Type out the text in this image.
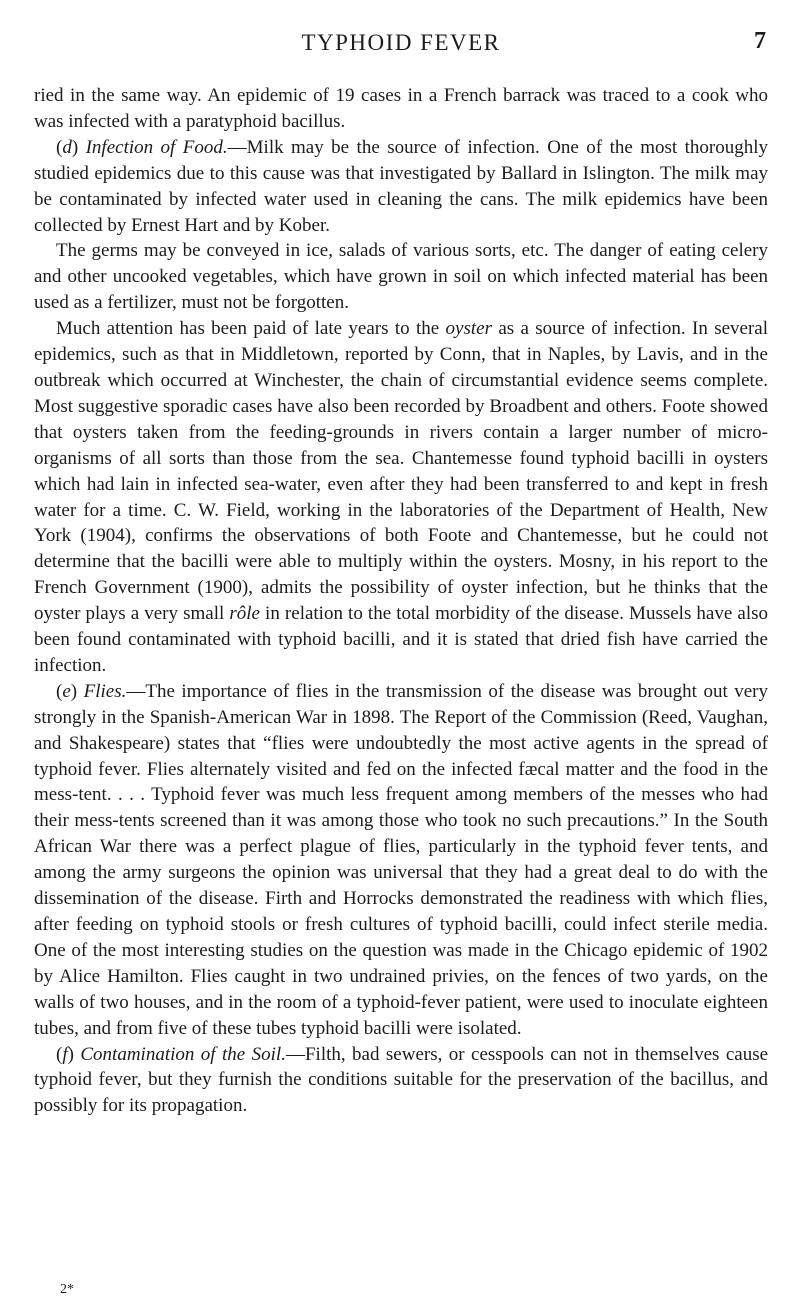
TYPHOID FEVER	7

ried in the same way. An epidemic of 19 cases in a French barrack was traced to a cook who was infected with a paratyphoid bacillus.

(d) Infection of Food.—Milk may be the source of infection. One of the most thoroughly studied epidemics due to this cause was that investigated by Ballard in Islington. The milk may be contaminated by infected water used in cleaning the cans. The milk epidemics have been collected by Ernest Hart and by Kober.

The germs may be conveyed in ice, salads of various sorts, etc. The danger of eating celery and other uncooked vegetables, which have grown in soil on which infected material has been used as a fertilizer, must not be forgotten.

Much attention has been paid of late years to the oyster as a source of infection. In several epidemics, such as that in Middletown, reported by Conn, that in Naples, by Lavis, and in the outbreak which occurred at Winchester, the chain of circumstantial evidence seems complete. Most suggestive sporadic cases have also been recorded by Broadbent and others. Foote showed that oysters taken from the feeding-grounds in rivers contain a larger number of micro-organisms of all sorts than those from the sea. Chantemesse found typhoid bacilli in oysters which had lain in infected sea-water, even after they had been transferred to and kept in fresh water for a time. C. W. Field, working in the laboratories of the Department of Health, New York (1904), confirms the observations of both Foote and Chantemesse, but he could not determine that the bacilli were able to multiply within the oysters. Mosny, in his report to the French Government (1900), admits the possibility of oyster infection, but he thinks that the oyster plays a very small rôle in relation to the total morbidity of the disease. Mussels have also been found contaminated with typhoid bacilli, and it is stated that dried fish have carried the infection.

(e) Flies.—The importance of flies in the transmission of the disease was brought out very strongly in the Spanish-American War in 1898. The Report of the Commission (Reed, Vaughan, and Shakespeare) states that “flies were undoubtedly the most active agents in the spread of typhoid fever. Flies alternately visited and fed on the infected fæcal matter and the food in the mess-tent. . . . Typhoid fever was much less frequent among members of the messes who had their mess-tents screened than it was among those who took no such precautions.” In the South African War there was a perfect plague of flies, particularly in the typhoid fever tents, and among the army surgeons the opinion was universal that they had a great deal to do with the dissemination of the disease. Firth and Horrocks demonstrated the readiness with which flies, after feeding on typhoid stools or fresh cultures of typhoid bacilli, could infect sterile media. One of the most interesting studies on the question was made in the Chicago epidemic of 1902 by Alice Hamilton. Flies caught in two undrained privies, on the fences of two yards, on the walls of two houses, and in the room of a typhoid-fever patient, were used to inoculate eighteen tubes, and from five of these tubes typhoid bacilli were isolated.

(f) Contamination of the Soil.—Filth, bad sewers, or cesspools can not in themselves cause typhoid fever, but they furnish the conditions suitable for the preservation of the bacillus, and possibly for its propagation.

2*
